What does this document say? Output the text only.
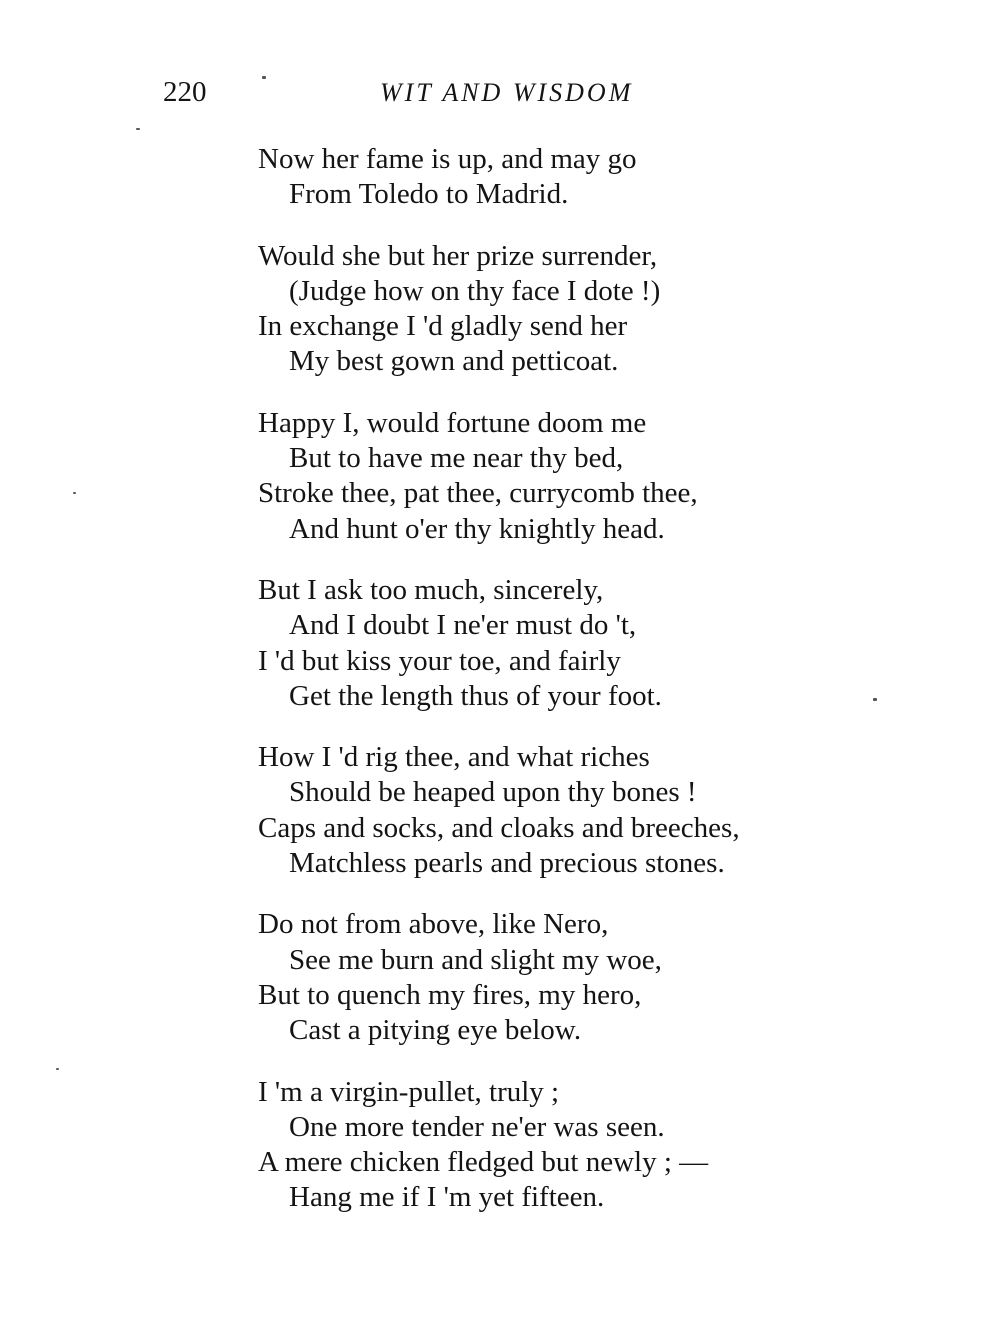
220	WIT AND WISDOM
Now her fame is up, and may go
From Toledo to Madrid.
Would she but her prize surrender,
(Judge how on thy face I dote !)
In exchange I 'd gladly send her
My best gown and petticoat.
Happy I, would fortune doom me
But to have me near thy bed,
Stroke thee, pat thee, currycomb thee,
And hunt o'er thy knightly head.
But I ask too much, sincerely,
And I doubt I ne'er must do 't,
I 'd but kiss your toe, and fairly
Get the length thus of your foot.
How I 'd rig thee, and what riches
Should be heaped upon thy bones !
Caps and socks, and cloaks and breeches,
Matchless pearls and precious stones.
Do not from above, like Nero,
See me burn and slight my woe,
But to quench my fires, my hero,
Cast a pitying eye below.
I 'm a virgin-pullet, truly ;
One more tender ne'er was seen.
A mere chicken fledged but newly ; —
Hang me if I 'm yet fifteen.
